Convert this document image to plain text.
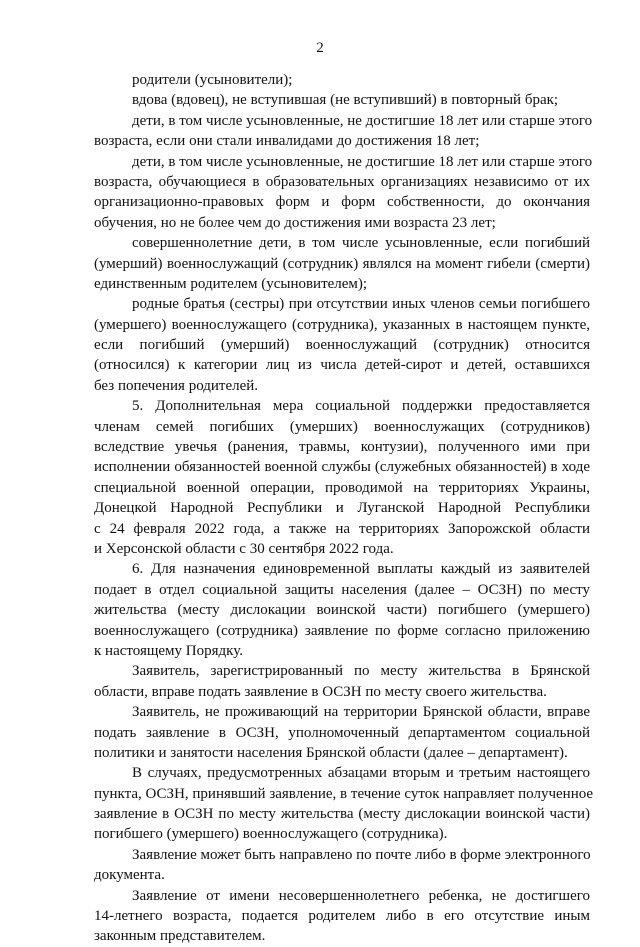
2
родители (усыновители);
вдова (вдовец), не вступившая (не вступивший) в повторный брак;
дети, в том числе усыновленные, не достигшие 18 лет или старше этого
возраста, если они стали инвалидами до достижения 18 лет;
дети, в том числе усыновленные, не достигшие 18 лет или старше этого
возраста, обучающиеся в образовательных организациях независимо от их
организационно-правовых форм и форм собственности, до окончания
обучения, но не более чем до достижения ими возраста 23 лет;
совершеннолетние дети, в том числе усыновленные, если погибший
(умерший) военнослужащий (сотрудник) являлся на момент гибели (смерти)
единственным родителем (усыновителем);
родные братья (сестры) при отсутствии иных членов семьи погибшего
(умершего) военнослужащего (сотрудника), указанных в настоящем пункте,
если погибший (умерший) военнослужащий (сотрудник) относится
(относился) к категории лиц из числа детей-сирот и детей, оставшихся
без попечения родителей.
5. Дополнительная мера социальной поддержки предоставляется
членам семей погибших (умерших) военнослужащих (сотрудников)
вследствие увечья (ранения, травмы, контузии), полученного ими при
исполнении обязанностей военной службы (служебных обязанностей) в ходе
специальной военной операции, проводимой на территориях Украины,
Донецкой Народной Республики и Луганской Народной Республики
с 24 февраля 2022 года, а также на территориях Запорожской области
и Херсонской области с 30 сентября 2022 года.
6. Для назначения единовременной выплаты каждый из заявителей
подает в отдел социальной защиты населения (далее – ОСЗН) по месту
жительства (месту дислокации воинской части) погибшего (умершего)
военнослужащего (сотрудника) заявление по форме согласно приложению
к настоящему Порядку.
Заявитель, зарегистрированный по месту жительства в Брянской
области, вправе подать заявление в ОСЗН по месту своего жительства.
Заявитель, не проживающий на территории Брянской области, вправе
подать заявление в ОСЗН, уполномоченный департаментом социальной
политики и занятости населения Брянской области (далее – департамент).
В случаях, предусмотренных абзацами вторым и третьим настоящего
пункта, ОСЗН, принявший заявление, в течение суток направляет полученное
заявление в ОСЗН по месту жительства (месту дислокации воинской части)
погибшего (умершего) военнослужащего (сотрудника).
Заявление может быть направлено по почте либо в форме электронного
документа.
Заявление от имени несовершеннолетнего ребенка, не достигшего
14-летнего возраста, подается родителем либо в его отсутствие иным
законным представителем.
